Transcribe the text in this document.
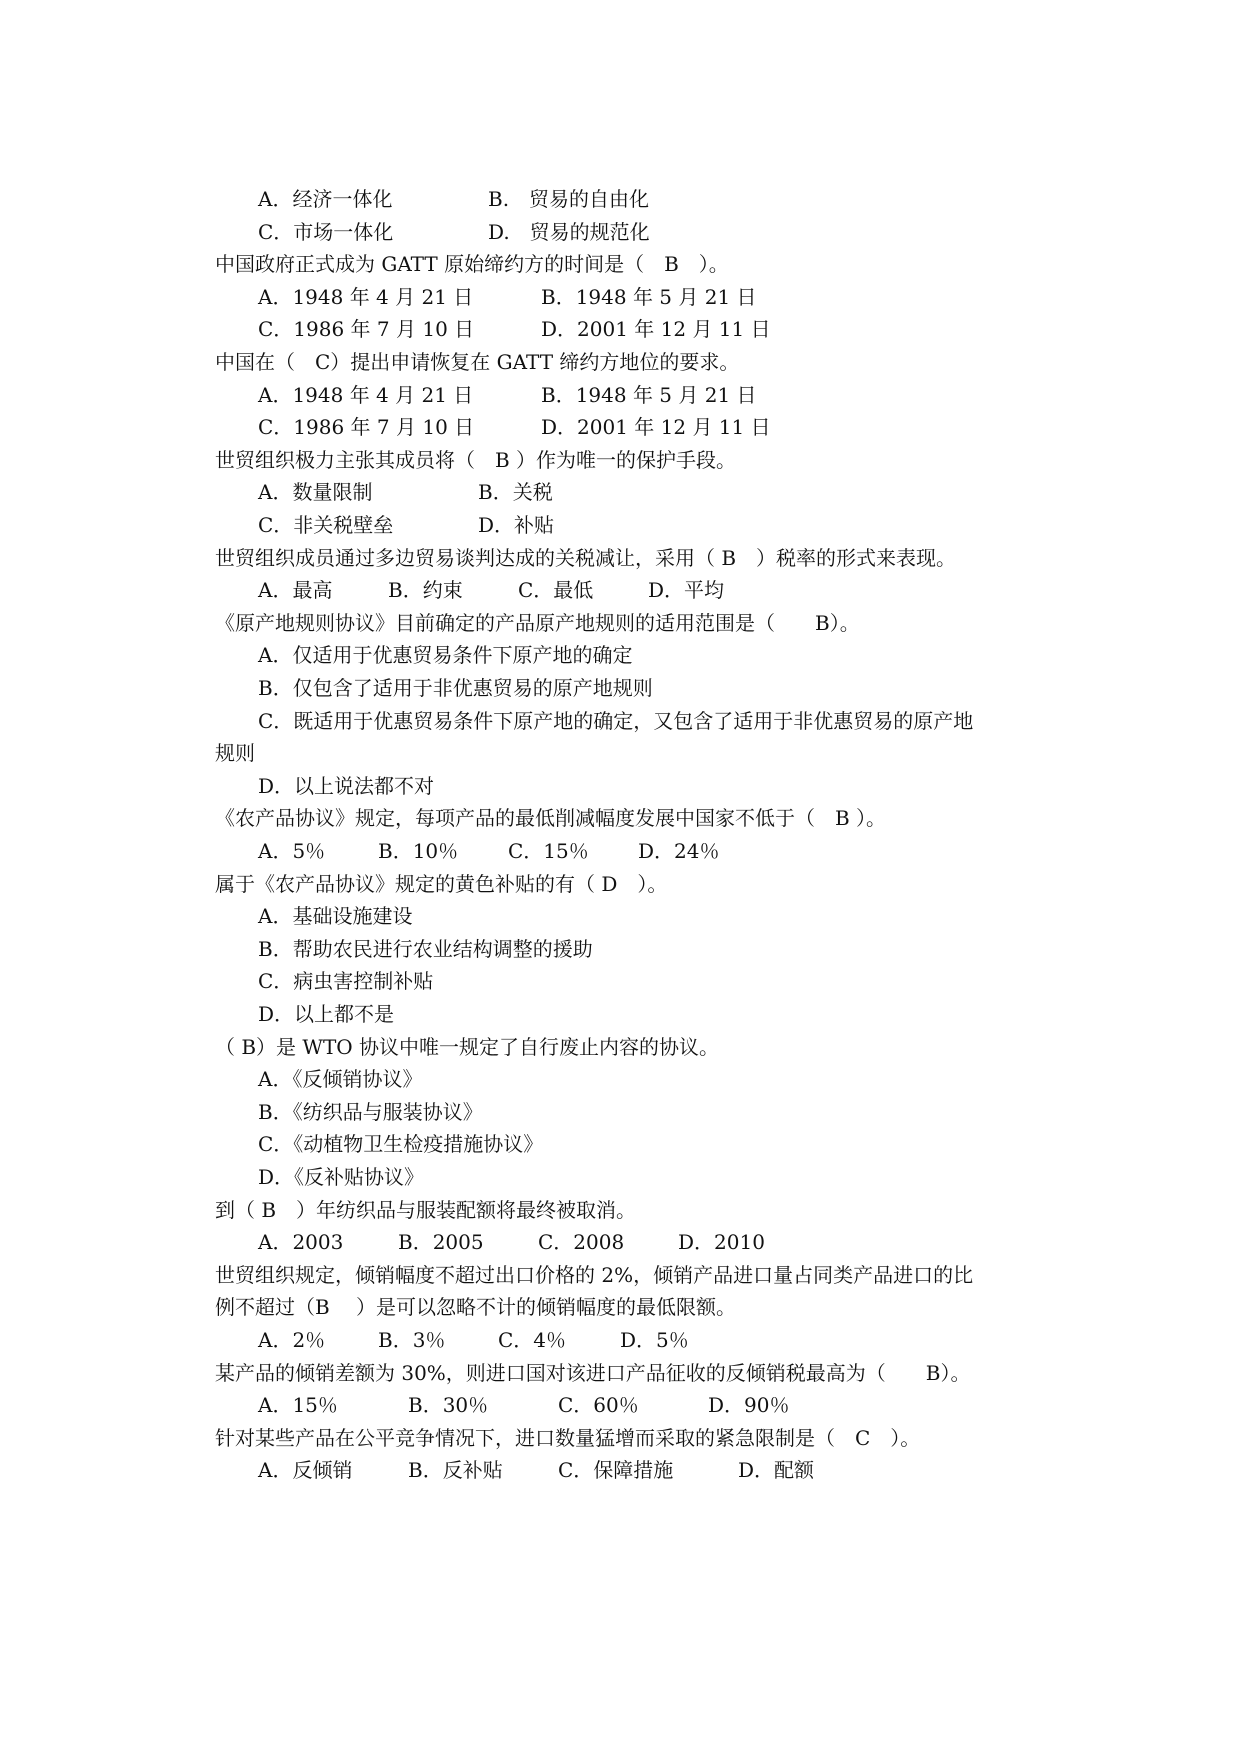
A．经济一体化	B.　贸易的自由化
C．市场一体化	D.　贸易的规范化
中国政府正式成为 GATT 原始缔约方的时间是（　B　）。
A．1948 年 4 月 21 日	B．1948 年 5 月 21 日
C．1986 年 7 月 10 日	D．2001 年 12 月 11 日
中国在（　C）提出申请恢复在 GATT 缔约方地位的要求。
A．1948 年 4 月 21 日	B．1948 年 5 月 21 日
C．1986 年 7 月 10 日	D．2001 年 12 月 11 日
世贸组织极力主张其成员将（　B ）作为唯一的保护手段。
A．数量限制	B．关税
C．非关税壁垒	D．补贴
世贸组织成员通过多边贸易谈判达成的关税减让，采用（ B　）税率的形式来表现。
A．最高	B．约束	C．最低	D．平均
《原产地规则协议》目前确定的产品原产地规则的适用范围是（　　B）。
A．仅适用于优惠贸易条件下原产地的确定
B．仅包含了适用于非优惠贸易的原产地规则
C．既适用于优惠贸易条件下原产地的确定，又包含了适用于非优惠贸易的原产地
规则
D．以上说法都不对
《农产品协议》规定，每项产品的最低削减幅度发展中国家不低于（　B ）。
A．5％	B．10％ C．15％ D．24％
属于《农产品协议》规定的黄色补贴的有（ D　）。
A．基础设施建设
B．帮助农民进行农业结构调整的援助
C．病虫害控制补贴
D．以上都不是
（ B）是 WTO 协议中唯一规定了自行废止内容的协议。
A．《反倾销协议》
B．《纺织品与服装协议》
C．《动植物卫生检疫措施协议》
D．《反补贴协议》
到（ B　）年纺织品与服装配额将最终被取消。
A．2003	B．2005	C．2008	D．2010
世贸组织规定，倾销幅度不超过出口价格的 2%，倾销产品进口量占同类产品进口的比
例不超过（B　 ）是可以忽略不计的倾销幅度的最低限额。
A．2％	B．3％	C．4％	D．5％
某产品的倾销差额为 30%，则进口国对该进口产品征收的反倾销税最高为（　　B）。
A．15％	B．30％	C．60％	D．90％
针对某些产品在公平竞争情况下，进口数量猛增而采取的紧急限制是（　C　）。
A．反倾销	B．反补贴	C．保障措施	D．配额
